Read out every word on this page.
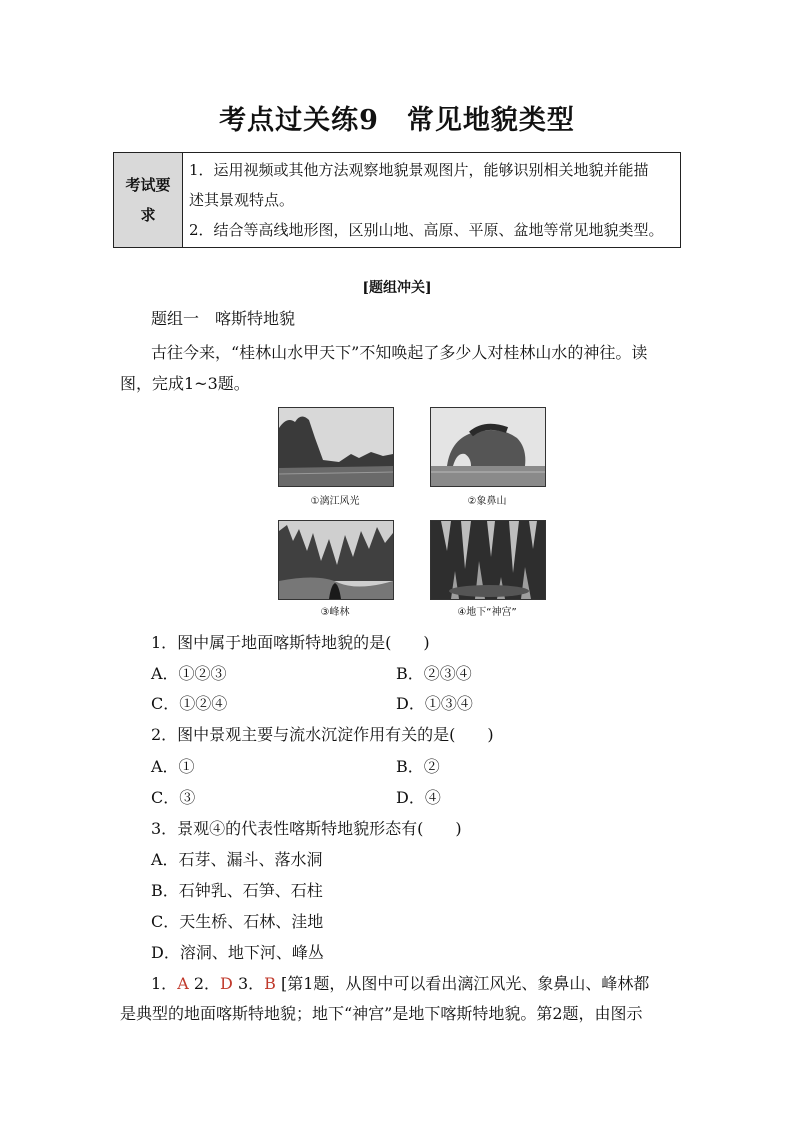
考点过关练9　常见地貌类型
考试要求	
1．运用视频或其他方法观察地貌景观图片，能够识别相关地貌并能描
述其景观特点。
2．结合等高线地形图，区别山地、高原、平原、盆地等常见地貌类型。
[题组冲关]
题组一　喀斯特地貌
古往今来，“桂林山水甲天下”不知唤起了多少人对桂林山水的神往。读
图，完成1~3题。
①漓江风光	②象鼻山
③峰林	④地下“神宫”
1．图中属于地面喀斯特地貌的是(　　)
A．①②③	B．②③④
C．①②④	D．①③④
2．图中景观主要与流水沉淀作用有关的是(　　)
A．①	B．②
C．③	D．④
3．景观④的代表性喀斯特地貌形态有(　　)
A．石芽、漏斗、落水洞
B．石钟乳、石笋、石柱
C．天生桥、石林、洼地
D．溶洞、地下河、峰丛
1．A 2．D 3．B [第1题，从图中可以看出漓江风光、象鼻山、峰林都
是典型的地面喀斯特地貌；地下“神宫”是地下喀斯特地貌。第2题，由图示
